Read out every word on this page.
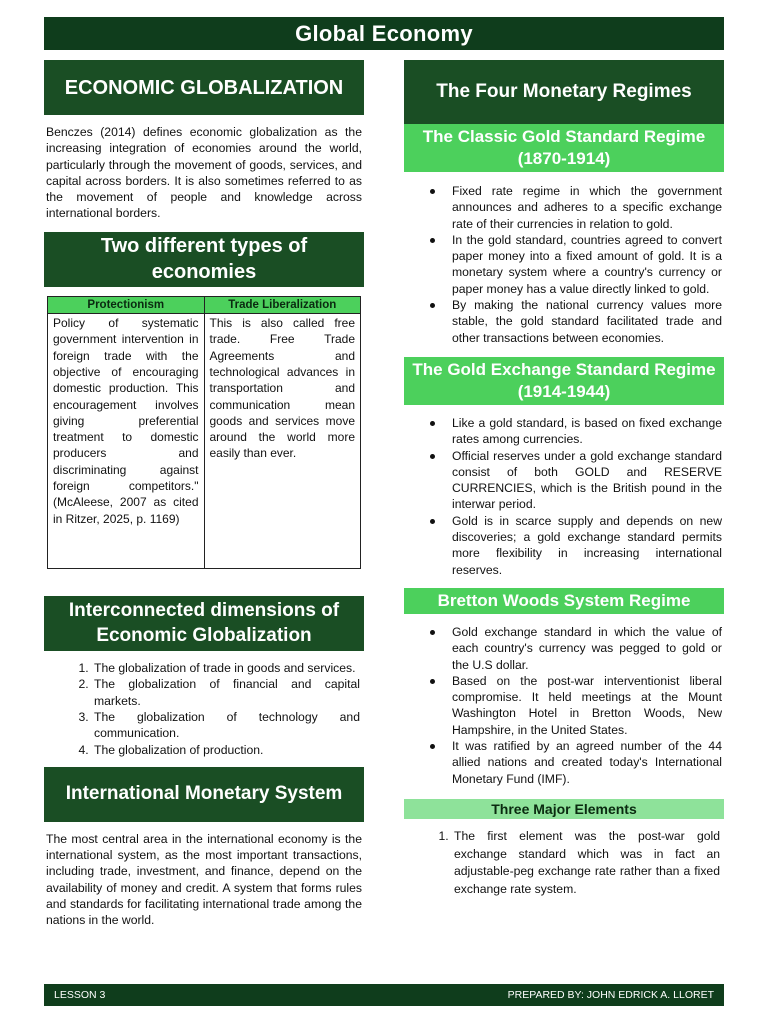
Global Economy
ECONOMIC GLOBALIZATION

Benczes (2014) defines economic globalization as the increasing integration of economies around the world, particularly through the movement of goods, services, and capital across borders. It is also sometimes referred to as the movement of people and knowledge across international borders.

Two different types of economies
Protectionism	Trade Liberalization
Policy of systematic government intervention in foreign trade with the objective of encouraging domestic production. This encouragement involves giving preferential treatment to domestic producers and discriminating against foreign competitors." (McAleese, 2007 as cited in Ritzer, 2025, p. 1169)	This is also called free trade. Free Trade Agreements and technological advances in transportation and communication mean goods and services move around the world more easily than ever.
Interconnected dimensions of Economic Globalization
1. The globalization of trade in goods and services.
2. The globalization of financial and capital markets.
3. The globalization of technology and communication.
4. The globalization of production.
International Monetary System

The most central area in the international economy is the international system, as the most important transactions, including trade, investment, and finance, depend on the availability of money and credit. A system that forms rules and standards for facilitating international trade among the nations in the world.

The Four Monetary Regimes
The Classic Gold Standard Regime (1870-1914)
Fixed rate regime in which the government announces and adheres to a specific exchange rate of their currencies in relation to gold.
In the gold standard, countries agreed to convert paper money into a fixed amount of gold. It is a monetary system where a country's currency or paper money has a value directly linked to gold.
By making the national currency values more stable, the gold standard facilitated trade and other transactions between economies.
The Gold Exchange Standard Regime (1914-1944)
Like a gold standard, is based on fixed exchange rates among currencies.
Official reserves under a gold exchange standard consist of both GOLD and RESERVE CURRENCIES, which is the British pound in the interwar period.
Gold is in scarce supply and depends on new discoveries; a gold exchange standard permits more flexibility in increasing international reserves.
Bretton Woods System Regime
Gold exchange standard in which the value of each country's currency was pegged to gold or the U.S dollar.
Based on the post-war interventionist liberal compromise. It held meetings at the Mount Washington Hotel in Bretton Woods, New Hampshire, in the United States.
It was ratified by an agreed number of the 44 allied nations and created today's International Monetary Fund (IMF).
Three Major Elements
1. The first element was the post-war gold exchange standard which was in fact an adjustable-peg exchange rate rather than a fixed exchange rate system.
LESSON 3	PREPARED BY: JOHN EDRICK A. LLORET
